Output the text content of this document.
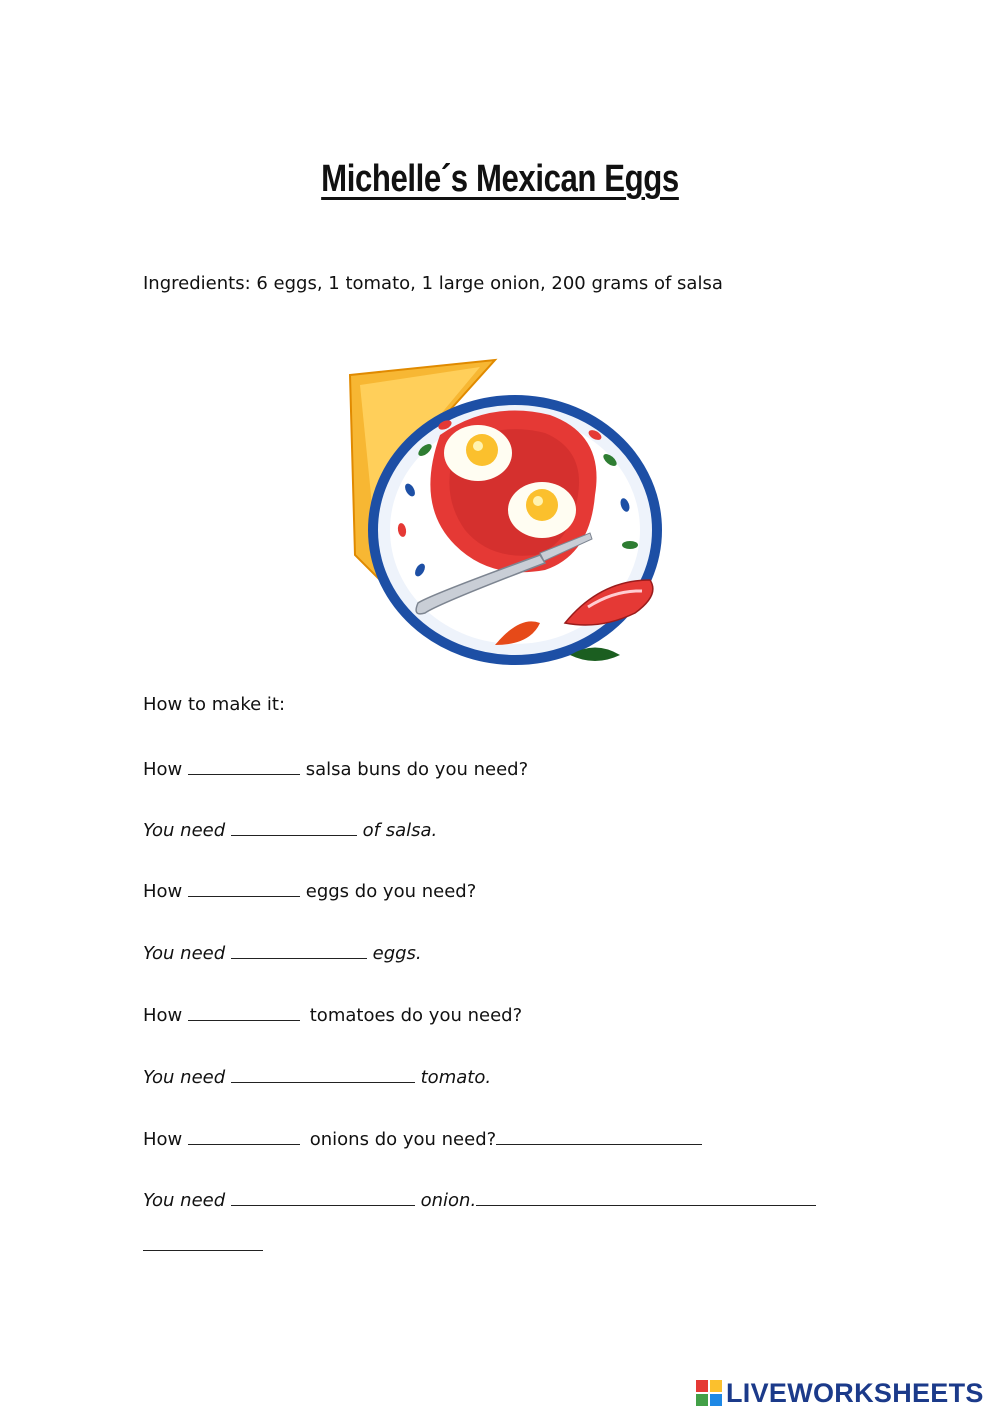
Michelle´s Mexican Eggs
Ingredients: 6 eggs, 1 tomato, 1 large onion, 200 grams of salsa
How to make it:
How	salsa buns do you need?
You need	of salsa.
How	eggs do you need?
You need	eggs.
How	tomatoes do you need?
You need	tomato.
How	onions do you need?
You need	onion.
LIVEWORKSHEETS
